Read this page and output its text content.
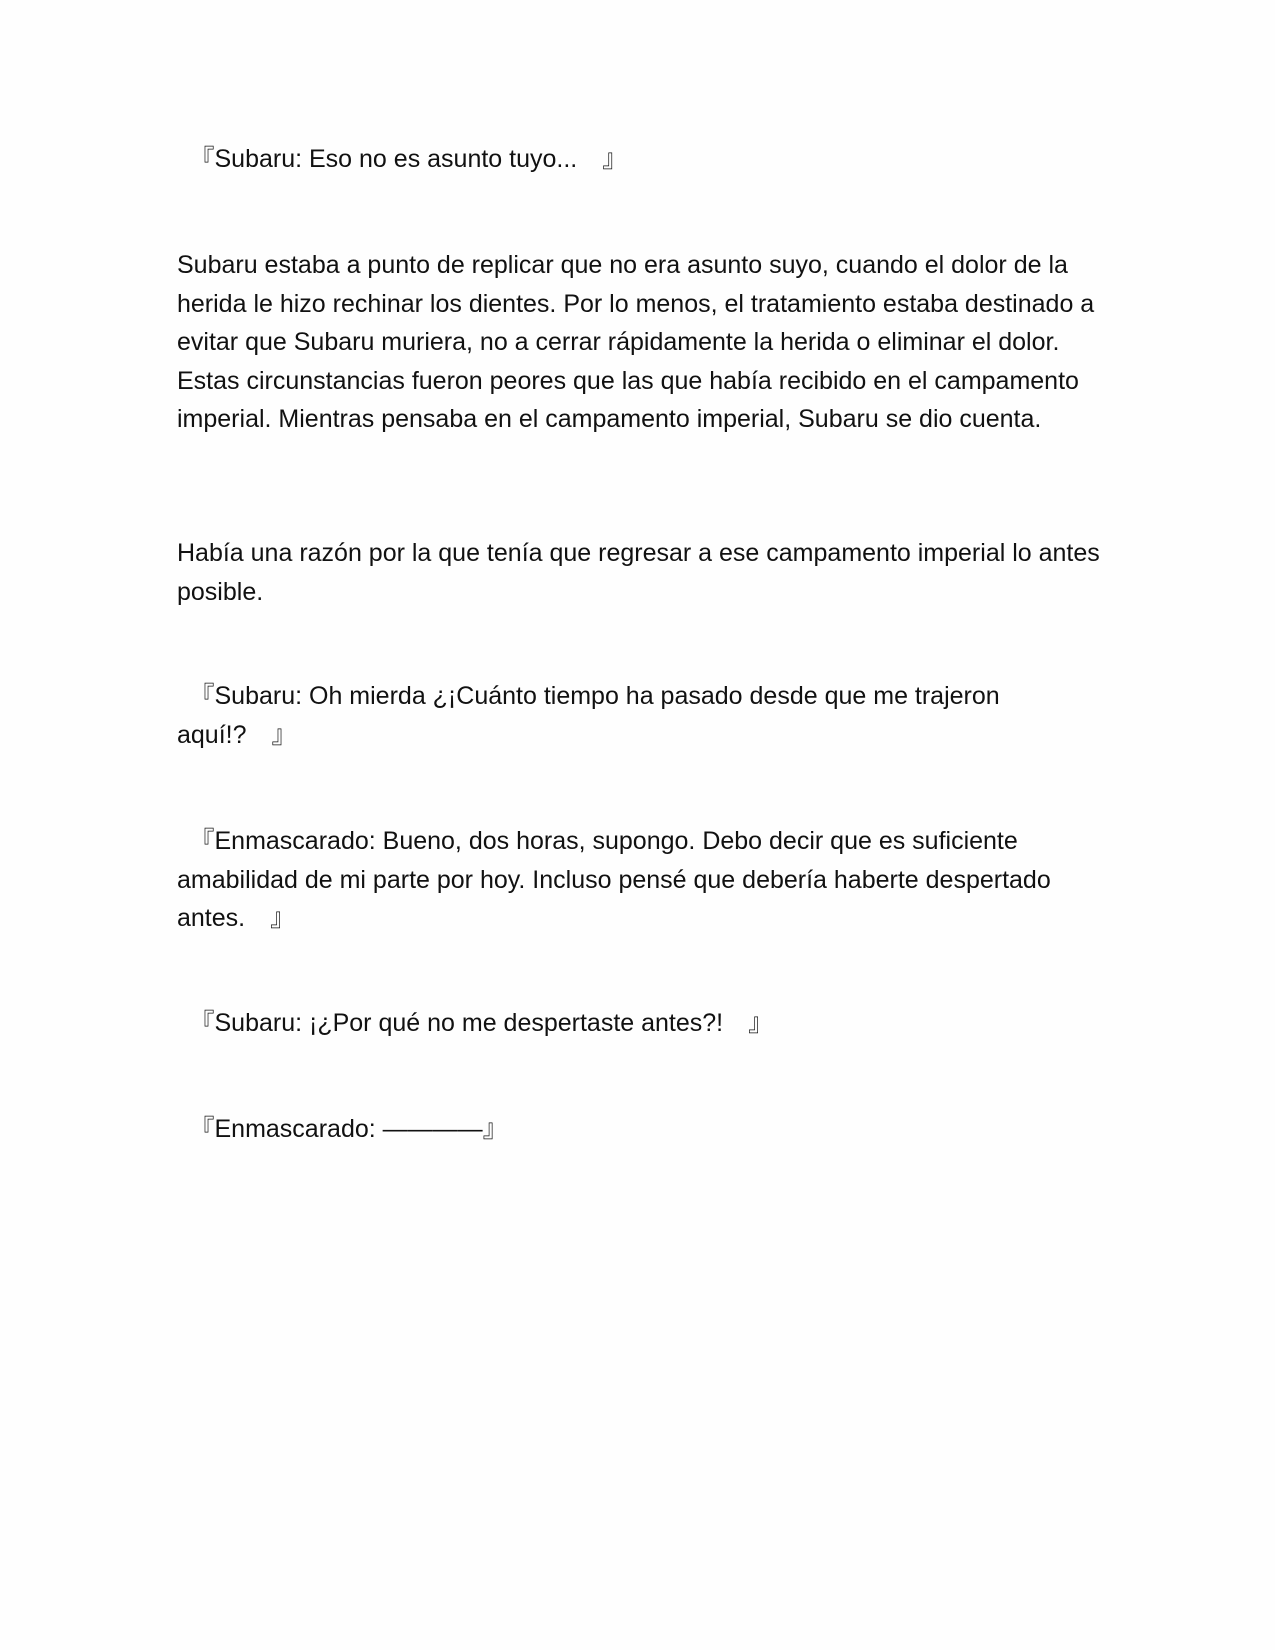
　『Subaru: Eso no es asunto tuyo...　』

Subaru estaba a punto de replicar que no era asunto suyo, cuando el dolor de la herida le hizo rechinar los dientes. Por lo menos, el tratamiento estaba destinado a evitar que Subaru muriera, no a cerrar rápidamente la herida o eliminar el dolor. Estas circunstancias fueron peores que las que había recibido en el campamento imperial. Mientras pensaba en el campamento imperial, Subaru se dio cuenta.

Había una razón por la que tenía que regresar a ese campamento imperial lo antes posible.

　『Subaru: Oh mierda ¿¡Cuánto tiempo ha pasado desde que me trajeron aquí!?　』

　『Enmascarado: Bueno, dos horas, supongo. Debo decir que es suficiente amabilidad de mi parte por hoy. Incluso pensé que debería haberte despertado antes.　』

　『Subaru: ¡¿Por qué no me despertaste antes?!　』

　『Enmascarado: ————』
